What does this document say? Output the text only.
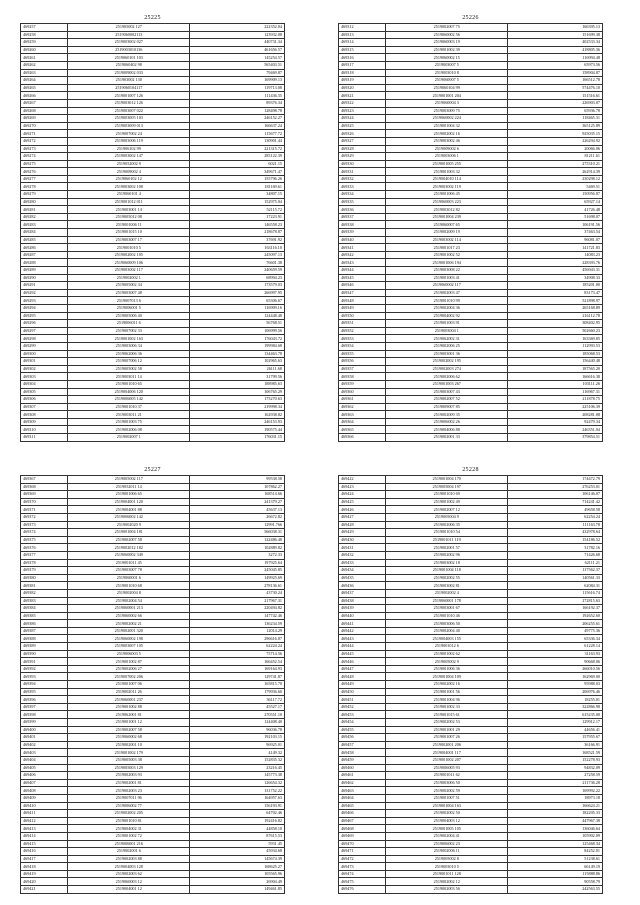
25225
469257	251905002 127	222352.04
469258	2519060002113	123932.08
469259	2519003002 027	440731.34
469260	2519003010136	461656.57
469261	2519060101 103	145254.57
469262	2519060402 98	565403.51
469263	2519009002 033	79469.87
469264	251903002 130	169909.13
469265	2519060104117	119713.08
469266	2519001007 126	111436.35
469267	2519003012 126	89376.34
469268	2519003007 022	128498.78
469269	2519003005 103	246152.27
469270	2519003009 013	166637.24
469271	2519007002 24	115677.72
469272	2519003006 119	130901.44
469273	251906102 99	221315.72
469274	2519003002 147	285122.39
469275	2519052002 9	6021.15
469276	2519009002 4	349671.47
469277	2519060102 12	155796.26
469278	2519003002 108	181169.61
469279	2519060101 4	34807.15
469280	2519001012 011	152975.04
469281	2519003001 14	52115.72
469282	2519005012 08	17223.91
469283	2519001006 11	146558.23
469284	2519001015 10	218678.87
469285	2519003007 17	37691.92
469286	2519001010 5	163116.10
469287	2519002002 105	245097.13
469288	2519060009 106	76601.38
469289	2519003002 117	240659.59
469290	2519002002 1	68994.23
469291	2519005002 34	173579.03
469292	2519003007 48	266997.95
469293	2519007013 6	65306.67
469294	2519006001 5	116909.16
469295	2519005006 40	124448.48
469296	2519006011 6	56768.51
469297	2519007002 33	106999.56
469298	2519001002 163	176043.72
469299	2519003006 34	199984.68
469300	2519062006 36	134463.78
469301	2519007006 12	102965.63
469302	2519005002 58	26111.68
469303	2519003011 14	31799.56
469304	2519001010 65	188985.63
469305	2519004006 120	106765.29
469306	2519006005 142	175270.63
469307	2519001010 37	219998.34
469308	2519003011 21	162938.82
469309	2519001003 75	246153.93
469310	2519002006 08	190575.44
469311	2519002007 1	176031.15
25226
469312	2519002007 75	166395.13
469313	2519060002 56	151699.38
469314	2519060003 19	402533.34
469315	2519001002 39	418805.36
469316	2519060002 15	116994.48
469317	2519003007 5	65973.56
469318	2519003010 8	158904.87
469319	2519060007 5	166512.78
469320	2519060104 99	574476.10
469321	2519001001 204	151516.61
469322	2519060004 3	226903.07
469323	2519003009 75	65936.78
469324	2519060002 224	118465.31
469325	2519001004 32	365125.89
469326	2519002002 16	925035.15
469327	2519003002 46	226294.92
469328	2519009002 6	20066.06
469329	2519003006 1	81211.61
469330	2519001005 255	275310.21
469331	2519001003 32	262914.39
469332	2519004010 114	230298.12
469333	2519003002 119	5469.51
469334	2519001006 45	150956.87
469335	2519060003 223	65927.14
469336	2519003012 82	41726.48
469337	2519001004 239	51698.07
469338	2519060007 65	106191.56
469339	2519002009 19	37463.54
469340	2519003002 114	96081.07
469341	2519001017 23	141721.83
469342	2519001002 52	14083.23
469343	2519001006 194	228393.76
469344	2519003008 22	456943.31
469345	2519001003 41	34908.33
469346	2519060002 117	185201.00
469347	2519002003 47	83173.47
469348	2519001010 99	521898.97
469349	2519002004 36	265168.89
469350	2519004002 92	216112.78
469351	2519001003 91	308402.95
469352	2519003004 1	502660.23
469353	2519062002 31	163369.85
469354	2519002006 25	112993.53
469355	2519003001 36	185068.53
469356	2519002002 195	156440.48
469357	2519002003 274	187565.20
469358	2519002006 62	166616.38
469359	2519001003 267	103111.26
469360	2519003007 43	116967.31
469361	2519002007 52	211878.75
469362	2519009007 85	225106.39
469363	2519002009 35	208281.08
469364	2519006002 26	92479.34
469365	2519004006 88	246351.04
469366	2519002001 33	379854.51
25227
469367	2519005002 117	99538.58
469368	2519052011 14	107862.27
469369	2519001006 65	168514.66
469370	2519004001 120	241379.27
469371	2519004001 88	45637.13
469372	2519006002 142	26672.82
469373	2519002020 9	12991.766
469374	2519001004 181	566038.31
469375	2519002007 58	122486.48
469376	2519002012 182	102889.82
469377	2519060002 349	3272.33
469378	2519001011 45	197925.64
469379	2519003007 78	245045.85
469380	2519060001 6	149925.69
469381	2519001010 68	278136.61
469382	2519002004 8	43730.24
469383	2519002004 54	217967.31
469384	2519060001 213	220494.82
469385	2519060002 66	147742.46
469386	2519002002 21	136234.59
469387	2519002001 320	12014.29
469388	2519060002 198	296616.87
469389	2519003007 105	62224.24
469390	2519006003 5	75714.56
469391	2519001002 87	166452.54
469392	2519002006 27	169164.93
469393	2519007002 206	129741.87
469394	2519001007 06	165815.70
469395	2519002011 26	179936.60
469396	2519060001 237	36117.72
469397	2519001002 88	45527.17
469398	2519062001 81	270551.10
469399	2519001001 12	124408.40
469400	2519002007 58	96036.78
469401	2519060002 68	192103.15
469402	2519002001 10	96925.01
469403	2519001002 179	4149.32
469404	2519005003 38	152835.32
469405	2519005003 129	23216.45
469406	2519002003 93	145773.38
469407	2519002001 81	126654.32
469408	2519002003 23	131752.22
469409	2519007011 96	164957.63
469410	2519006002 77	156193.91
469411	2519002002 205	64702.46
469412	2519001010 81	192416.82
469413	2519004002 31	44858.10
469414	2519001002 72	87615.53
469415	2519006001 216	5931.45
469416	2519002001 6	45934.68
469417	2519002003 88	145674.39
469418	2519004003 128	168625.27
469419	2519002003 62	105565.96
469420	2519060003 12	26904.49
469421	2519004001 12	149461.85
25228
469422	2519001004 170	174472.79
469423	2519005004 197	276253.01
469424	2519001010 69	106146.07
469425	2519001002 49	714241.42
469426	2519002007 12	49658.58
469427	2519005004 9	62254.24
469428	2519002006 35	111163.78
469429	2519001010 54	432978.64
469430	2519001011 119	154186.52
469431	2519002001 57	31782.16
469432	2519002002 96	71426.68
469433	2519003002 18	62111.21
469434	2519001004 118	117562.37
469435	2519002002 55	140561.33
469436	2519003002 81	62084.31
469437	2519002002 4	115616.74
469438	2519060001 178	272815.63
469439	2519003001 67	166192.37
469440	2519001010 46	192652.60
469441	2519003006 50	206255.61
469442	2519002004 40	49775.36
469443	2519004003 155	65336.34
469444	2519001012 6	61228.14
469445	2519001002 62	31163.93
469446	2519005002 9	90668.06
469447	2519001006 36	266010.56
469448	2519001004 109	162969.00
469449	2519002002 16	95988.03
469450	2519001001 56	206976.46
469451	2519001004 96	18255.01
469452	2519001002 33	322866.98
469453	2519001015 61	615235.00
469454	2519002002 53	129912.17
469455	2519001001 29	44656.41
469456	2519001007 26	157955.67
469457	2519002001 206	36166.91
469458	2519004001 117	168521.59
469459	2519001002 207	152278.93
469460	2519006005 93	94832.09
469461	2519001011 62	27258.59
469462	2519003006 50	211736.28
469463	2519002002 59	169992.22
469464	2519001007 51	18973.18
469465	2519001004 163	166624.21
469466	2519002002 50	182205.33
469467	2519004003 12	447967.38
469468	2519001005 105	136046.64
469469	2519002004 41	105902.09
469470	2519006002 23	125468.34
469471	2519002006 11	84252.01
469472	2519005002 8	51238.61
469473	2519003010 5	66149.19
469474	2519001011 128	115888.86
469475	2519002002 12	90558.79
469476	2519002003 56	242563.55
